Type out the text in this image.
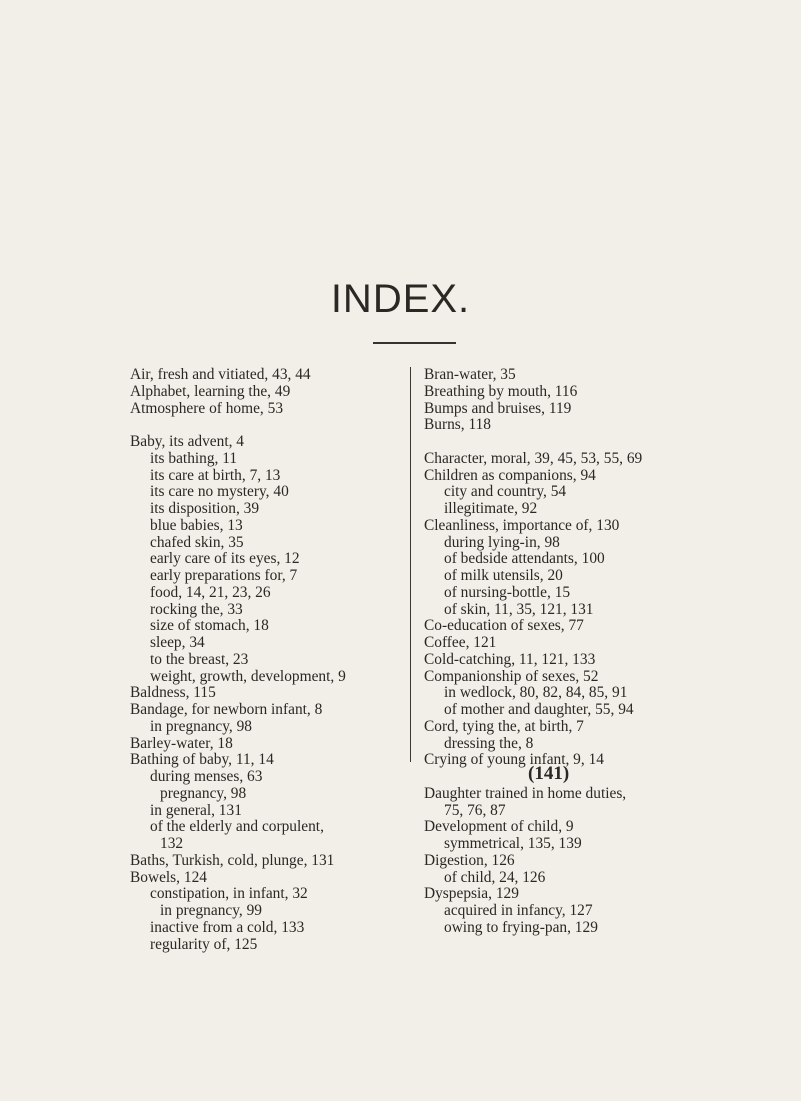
INDEX.
Air, fresh and vitiated, 43, 44
Alphabet, learning the, 49
Atmosphere of home, 53
Baby, its advent, 4
its bathing, 11
its care at birth, 7, 13
its care no mystery, 40
its disposition, 39
blue babies, 13
chafed skin, 35
early care of its eyes, 12
early preparations for, 7
food, 14, 21, 23, 26
rocking the, 33
size of stomach, 18
sleep, 34
to the breast, 23
weight, growth, development, 9
Baldness, 115
Bandage, for newborn infant, 8
in pregnancy, 98
Barley-water, 18
Bathing of baby, 11, 14
during menses, 63
pregnancy, 98
in general, 131
of the elderly and corpulent,
132
Baths, Turkish, cold, plunge, 131
Bowels, 124
constipation, in infant, 32
in pregnancy, 99
inactive from a cold, 133
regularity of, 125
Bran-water, 35
Breathing by mouth, 116
Bumps and bruises, 119
Burns, 118
Character, moral, 39, 45, 53, 55, 69
Children as companions, 94
city and country, 54
illegitimate, 92
Cleanliness, importance of, 130
during lying-in, 98
of bedside attendants, 100
of milk utensils, 20
of nursing-bottle, 15
of skin, 11, 35, 121, 131
Co-education of sexes, 77
Coffee, 121
Cold-catching, 11, 121, 133
Companionship of sexes, 52
in wedlock, 80, 82, 84, 85, 91
of mother and daughter, 55, 94
Cord, tying the, at birth, 7
dressing the, 8
Crying of young infant, 9, 14
Daughter trained in home duties,
75, 76, 87
Development of child, 9
symmetrical, 135, 139
Digestion, 126
of child, 24, 126
Dyspepsia, 129
acquired in infancy, 127
owing to frying-pan, 129
(141)
